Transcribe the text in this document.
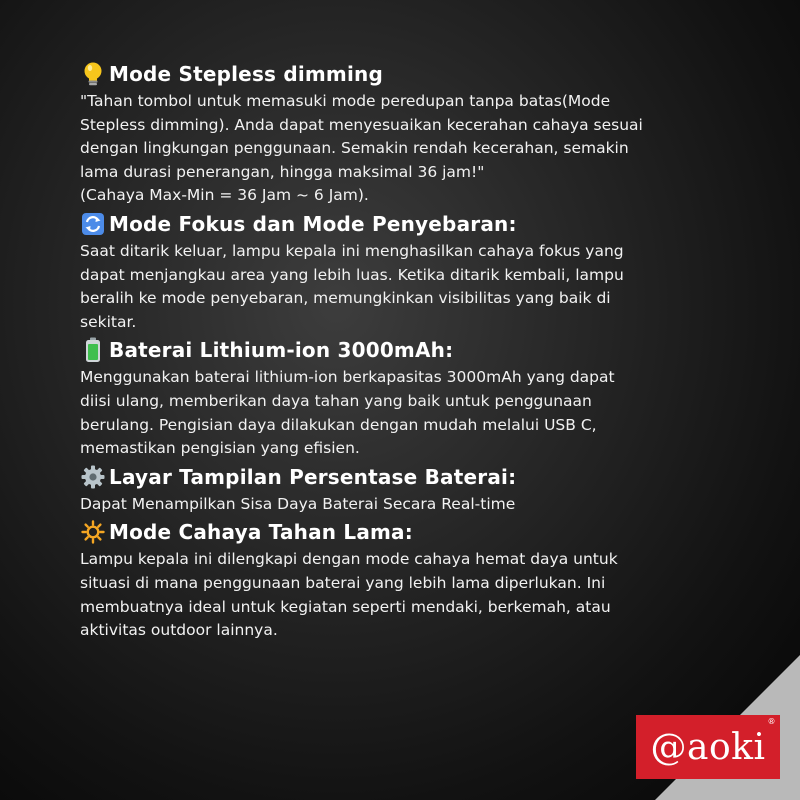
Mode Stepless dimming

"Tahan tombol untuk memasuki mode peredupan tanpa batas(Mode
Stepless dimming). Anda dapat menyesuaikan kecerahan cahaya sesuai
dengan lingkungan penggunaan. Semakin rendah kecerahan, semakin
lama durasi penerangan, hingga maksimal 36 jam!"
(Cahaya Max-Min = 36 Jam ~ 6 Jam).

Mode Fokus dan Mode Penyebaran:

Saat ditarik keluar, lampu kepala ini menghasilkan cahaya fokus yang
dapat menjangkau area yang lebih luas. Ketika ditarik kembali, lampu
beralih ke mode penyebaran, memungkinkan visibilitas yang baik di
sekitar.

Baterai Lithium-ion 3000mAh:

Menggunakan baterai lithium-ion berkapasitas 3000mAh yang dapat
diisi ulang, memberikan daya tahan yang baik untuk penggunaan
berulang. Pengisian daya dilakukan dengan mudah melalui USB C,
memastikan pengisian yang efisien.

Layar Tampilan Persentase Baterai:

Dapat Menampilkan Sisa Daya Baterai Secara Real-time

Mode Cahaya Tahan Lama:

Lampu kepala ini dilengkapi dengan mode cahaya hemat daya untuk
situasi di mana penggunaan baterai yang lebih lama diperlukan. Ini
membuatnya ideal untuk kegiatan seperti mendaki, berkemah, atau
aktivitas outdoor lainnya.

@aoki
®
